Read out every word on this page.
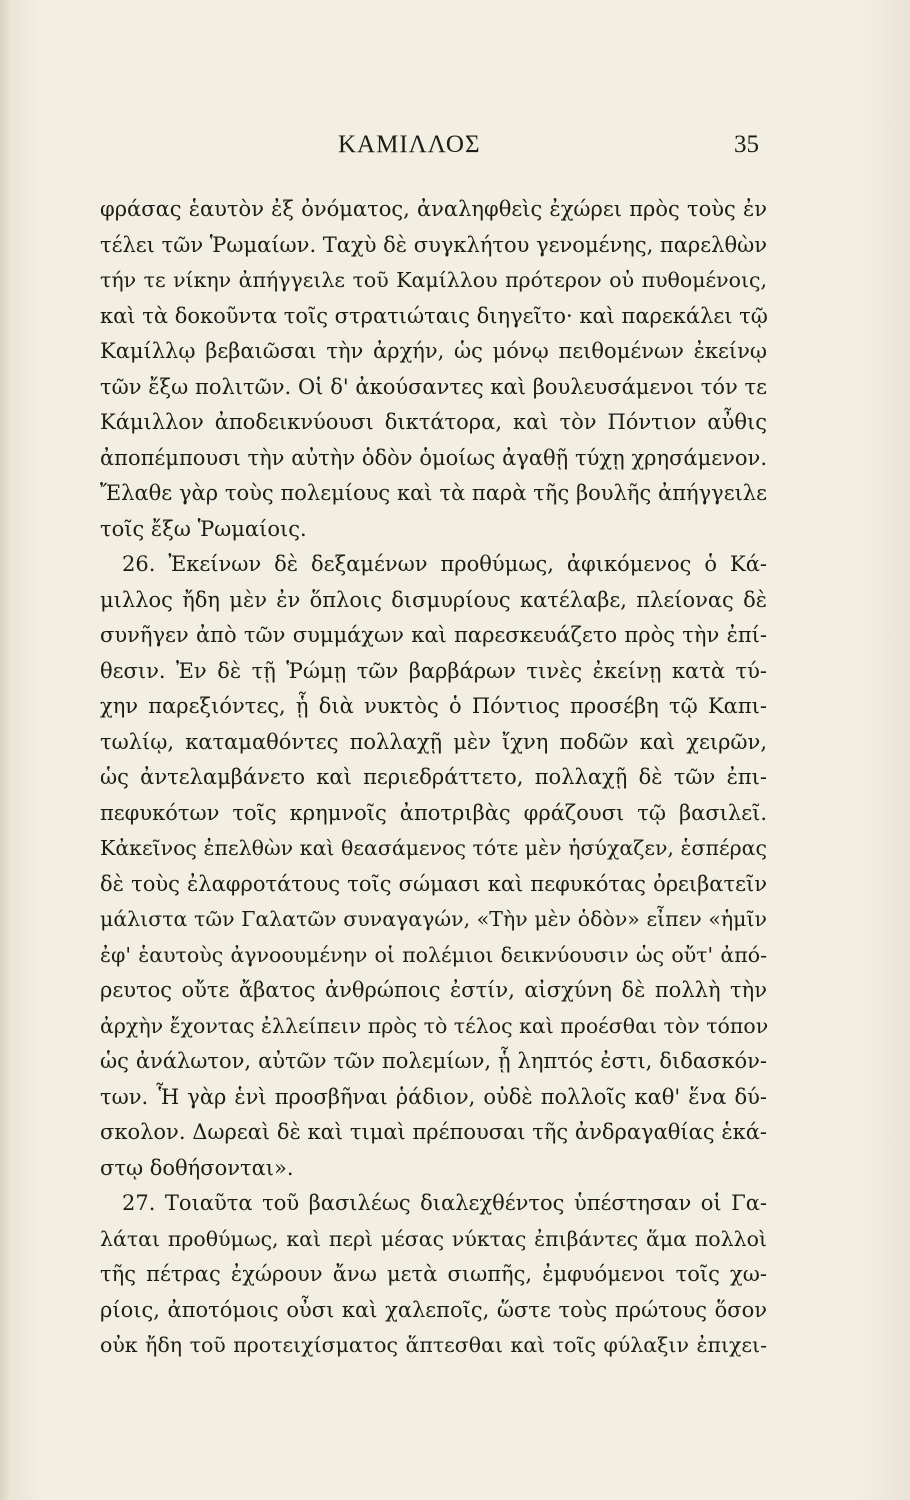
ΚΑΜΙΛΛΟΣ	35
φράσας ἑαυτὸν ἐξ ὀνόματος, ἀναληφθεὶς ἐχώρει πρὸς τοὺς ἐν
τέλει τῶν Ῥωμαίων. Ταχὺ δὲ συγκλήτου γενομένης, παρελθὼν
τήν τε νίκην ἀπήγγειλε τοῦ Καμίλλου πρότερον οὐ πυθομένοις,
καὶ τὰ δοκοῦντα τοῖς στρατιώταις διηγεῖτο· καὶ παρεκάλει τῷ
Καμίλλῳ βεβαιῶσαι τὴν ἀρχήν, ὡς μόνῳ πειθομένων ἐκείνῳ
τῶν ἔξω πολιτῶν. Οἱ δ' ἀκούσαντες καὶ βουλευσάμενοι τόν τε
Κάμιλλον ἀποδεικνύουσι δικτάτορα, καὶ τὸν Πόντιον αὖθις
ἀποπέμπουσι τὴν αὐτὴν ὁδὸν ὁμοίως ἀγαθῇ τύχῃ χρησάμενον.
Ἔλαθε γὰρ τοὺς πολεμίους καὶ τὰ παρὰ τῆς βουλῆς ἀπήγγειλε
τοῖς ἔξω Ῥωμαίοις.
26. Ἐκείνων δὲ δεξαμένων προθύμως, ἀφικόμενος ὁ Κά-
μιλλος ἤδη μὲν ἐν ὅπλοις δισμυρίους κατέλαβε, πλείονας δὲ
συνῆγεν ἀπὸ τῶν συμμάχων καὶ παρεσκευάζετο πρὸς τὴν ἐπί-
θεσιν. Ἐν δὲ τῇ Ῥώμῃ τῶν βαρβάρων τινὲς ἐκείνῃ κατὰ τύ-
χην παρεξιόντες, ᾗ διὰ νυκτὸς ὁ Πόντιος προσέβη τῷ Καπι-
τωλίῳ, καταμαθόντες πολλαχῇ μὲν ἴχνη ποδῶν καὶ χειρῶν,
ὡς ἀντελαμβάνετο καὶ περιεδράττετο, πολλαχῇ δὲ τῶν ἐπι-
πεφυκότων τοῖς κρημνοῖς ἀποτριβὰς φράζουσι τῷ βασιλεῖ.
Κἀκεῖνος ἐπελθὼν καὶ θεασάμενος τότε μὲν ἡσύχαζεν, ἑσπέρας
δὲ τοὺς ἐλαφροτάτους τοῖς σώμασι καὶ πεφυκότας ὀρειβατεῖν
μάλιστα τῶν Γαλατῶν συναγαγών, «Τὴν μὲν ὁδὸν» εἶπεν «ἡμῖν
ἐφ' ἑαυτοὺς ἀγνοουμένην οἱ πολέμιοι δεικνύουσιν ὡς οὔτ' ἀπό-
ρευτος οὔτε ἄβατος ἀνθρώποις ἐστίν, αἰσχύνη δὲ πολλὴ τὴν
ἀρχὴν ἔχοντας ἐλλείπειν πρὸς τὸ τέλος καὶ προέσθαι τὸν τόπον
ὡς ἀνάλωτον, αὐτῶν τῶν πολεμίων, ᾗ ληπτός ἐστι, διδασκόν-
των. Ἧ γὰρ ἑνὶ προσβῆναι ῥάδιον, οὐδὲ πολλοῖς καθ' ἕνα δύ-
σκολον. Δωρεαὶ δὲ καὶ τιμαὶ πρέπουσαι τῆς ἀνδραγαθίας ἑκά-
στῳ δοθήσονται».
27. Τοιαῦτα τοῦ βασιλέως διαλεχθέντος ὑπέστησαν οἱ Γα-
λάται προθύμως, καὶ περὶ μέσας νύκτας ἐπιβάντες ἅμα πολλοὶ
τῆς πέτρας ἐχώρουν ἄνω μετὰ σιωπῆς, ἐμφυόμενοι τοῖς χω-
ρίοις, ἀποτόμοις οὖσι καὶ χαλεποῖς, ὥστε τοὺς πρώτους ὅσον
οὐκ ἤδη τοῦ προτειχίσματος ἅπτεσθαι καὶ τοῖς φύλαξιν ἐπιχει-
